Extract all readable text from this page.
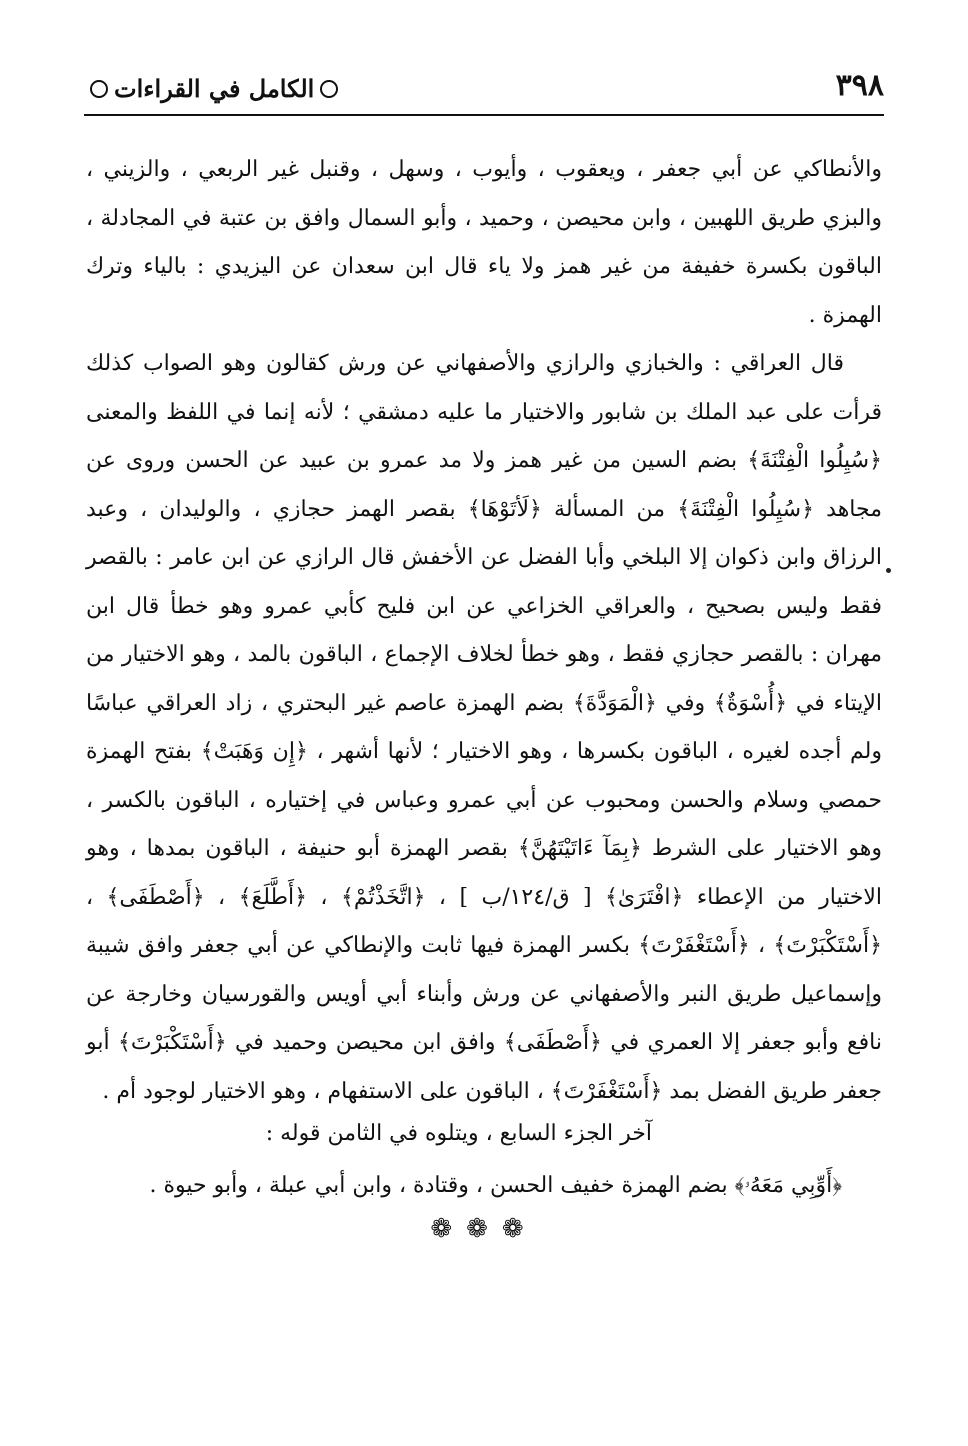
٣٩٨
الكامل في القراءات

والأنطاكي عن أبي جعفر ، ويعقوب ، وأيوب ، وسهل ، وقنبل غير الربعي ، والزيني ، والبزي طريق اللهبين ، وابن محيصن ، وحميد ، وأبو السمال وافق بن عتبة في المجادلة ، الباقون بكسرة خفيفة من غير همز ولا ياء قال ابن سعدان عن اليزيدي : بالياء وترك الهمزة .

قال العراقي : والخبازي والرازي والأصفهاني عن ورش كقالون وهو الصواب كذلك قرأت على عبد الملك بن شابور والاختيار ما عليه دمشقي ؛ لأنه إنما في اللفظ والمعنى ﴿سُيِلُوا الْفِتْنَةَ﴾ بضم السين من غير همز ولا مد عمرو بن عبيد عن الحسن وروى عن مجاهد ﴿سُيِلُوا الْفِتْنَةَ﴾ من المسألة ﴿لَأتَوْهَا﴾ بقصر الهمز حجازي ، والوليدان ، وعبد الرزاق وابن ذكوان إلا البلخي وأبا الفضل عن الأخفش قال الرازي عن ابن عامر : بالقصر فقط وليس بصحيح ، والعراقي الخزاعي عن ابن فليح كأبي عمرو وهو خطأ قال ابن مهران : بالقصر حجازي فقط ، وهو خطأ لخلاف الإجماع ، الباقون بالمد ، وهو الاختيار من الإيتاء في ﴿أُسْوَةٌ﴾ وفي ﴿الْمَوَدَّةَ﴾ بضم الهمزة عاصم غير البحتري ، زاد العراقي عباسًا ولم أجده لغيره ، الباقون بكسرها ، وهو الاختيار ؛ لأنها أشهر ، ﴿إِن وَهَبَتْ﴾ بفتح الهمزة حمصي وسلام والحسن ومحبوب عن أبي عمرو وعباس في إختياره ، الباقون بالكسر ، وهو الاختيار على الشرط ﴿بِمَآ ءَاتَيْتَهُنَّ﴾ بقصر الهمزة أبو حنيفة ، الباقون بمدها ، وهو الاختيار من الإعطاء ﴿افْتَرَىٰ﴾ [ ق/١٢٤/ب ] ، ﴿اتَّخَذْتُمْ﴾ ، ﴿أَطَّلَعَ﴾ ، ﴿أَصْطَفَى﴾ ، ﴿أَسْتَكْبَرْتَ﴾ ، ﴿أَسْتَغْفَرْتَ﴾ بكسر الهمزة فيها ثابت والإنطاكي عن أبي جعفر وافق شيبة وإسماعيل طريق النبر والأصفهاني عن ورش وأبناء أبي أويس والقورسيان وخارجة عن نافع وأبو جعفر إلا العمري في ﴿أَصْطَفَى﴾ وافق ابن محيصن وحميد في ﴿أَسْتَكْبَرْتَ﴾ أبو جعفر طريق الفضل بمد ﴿أَسْتَغْفَرْتَ﴾ ، الباقون على الاستفهام ، وهو الاختيار لوجود أم .

آخر الجزء السابع ، ويتلوه في الثامن قوله :
﴿أَوِّبِي مَعَهُۥ﴾ بضم الهمزة خفيف الحسن ، وقتادة ، وابن أبي عبلة ، وأبو حيوة .
❁❁❁
